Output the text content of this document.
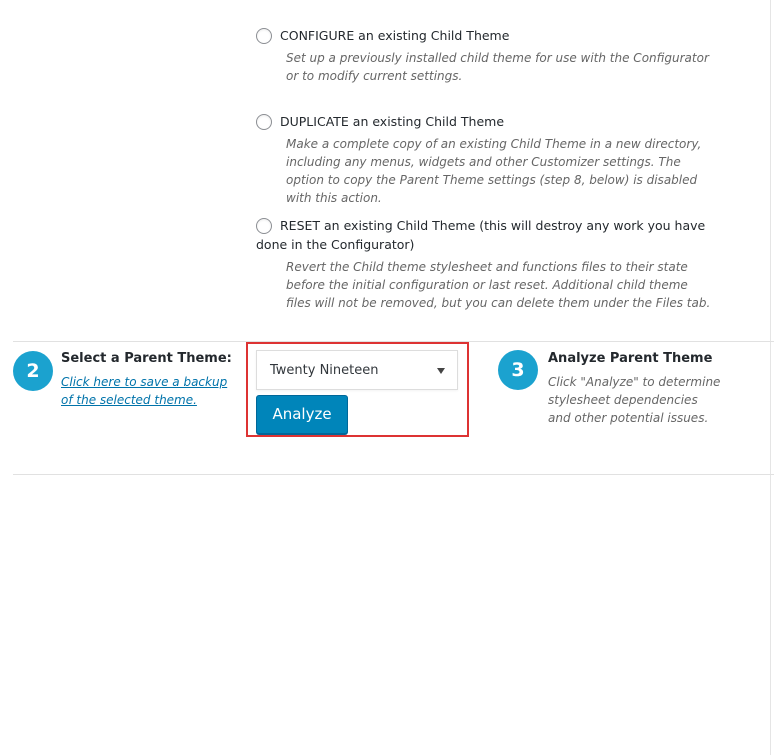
CONFIGURE an existing Child Theme

Set up a previously installed child theme for use with the Configurator or to modify current settings.

DUPLICATE an existing Child Theme

Make a complete copy of an existing Child Theme in a new directory, including any menus, widgets and other Customizer settings. The option to copy the Parent Theme settings (step 8, below) is disabled with this action.

RESET an existing Child Theme (this will destroy any work you have done in the Configurator)

Revert the Child theme stylesheet and functions files to their state before the initial configuration or last reset. Additional child theme files will not be removed, but you can delete them under the Files tab.
2
Select a Parent Theme:
Click here to save a backup of the selected theme.
Twenty Nineteen
Analyze
3
Analyze Parent Theme
Click "Analyze" to determine stylesheet dependencies and other potential issues.
